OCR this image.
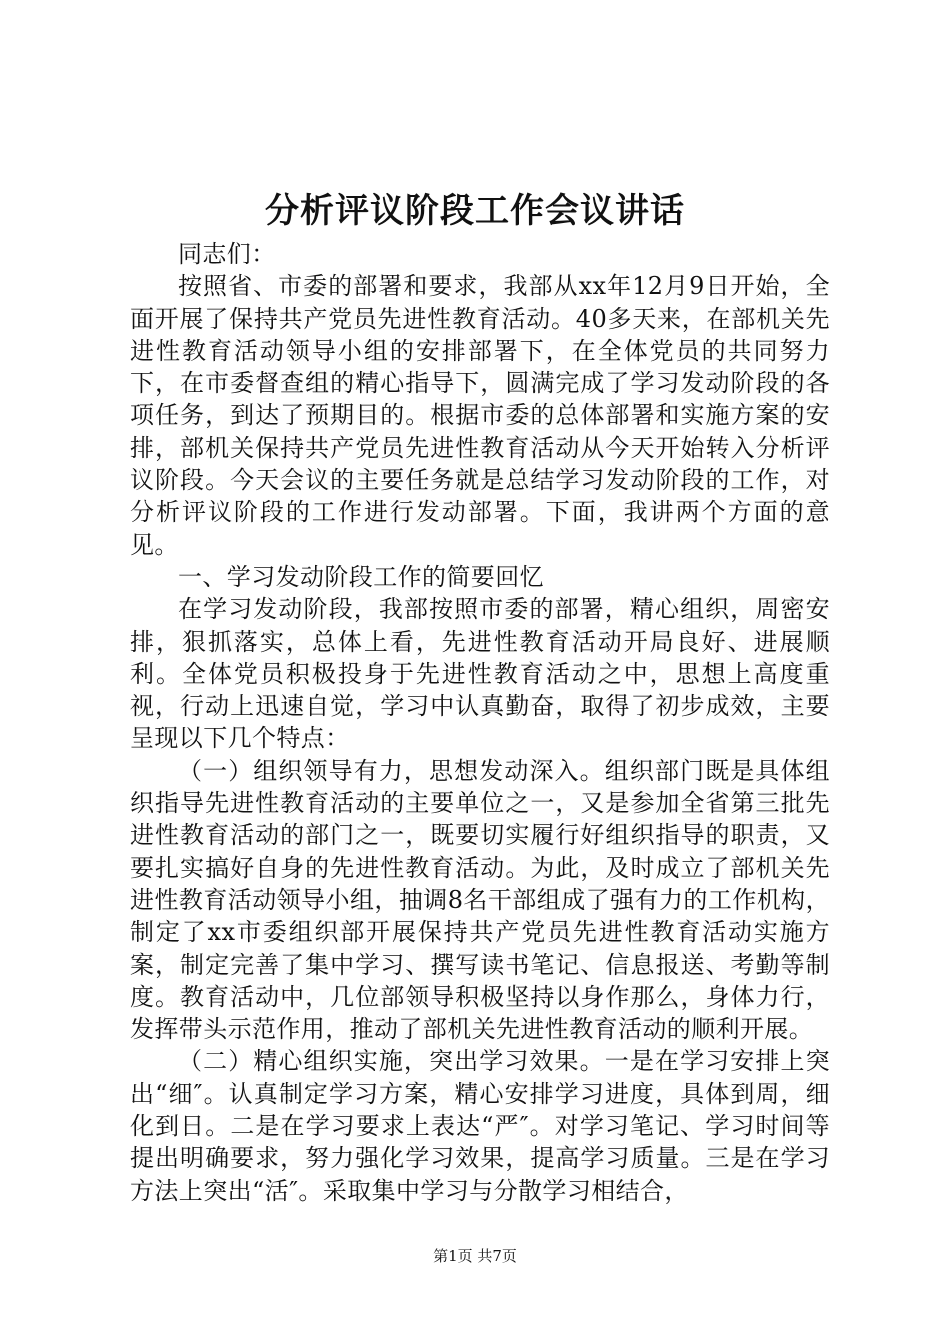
分析评议阶段工作会议讲话

同志们：

按照省、市委的部署和要求，我部从xx年12月9日开始，全面开展了保持共产党员先进性教育活动。40多天来，在部机关先进性教育活动领导小组的安排部署下，在全体党员的共同努力下，在市委督查组的精心指导下，圆满完成了学习发动阶段的各项任务，到达了预期目的。根据市委的总体部署和实施方案的安排，部机关保持共产党员先进性教育活动从今天开始转入分析评议阶段。今天会议的主要任务就是总结学习发动阶段的工作，对分析评议阶段的工作进行发动部署。下面，我讲两个方面的意见。

一、学习发动阶段工作的简要回忆

在学习发动阶段，我部按照市委的部署，精心组织，周密安排，狠抓落实，总体上看，先进性教育活动开局良好、进展顺利。全体党员积极投身于先进性教育活动之中，思想上高度重视，行动上迅速自觉，学习中认真勤奋，取得了初步成效，主要呈现以下几个特点：

（一）组织领导有力，思想发动深入。组织部门既是具体组织指导先进性教育活动的主要单位之一，又是参加全省第三批先进性教育活动的部门之一，既要切实履行好组织指导的职责，又要扎实搞好自身的先进性教育活动。为此，及时成立了部机关先进性教育活动领导小组，抽调8名干部组成了强有力的工作机构，制定了xx市委组织部开展保持共产党员先进性教育活动实施方案，制定完善了集中学习、撰写读书笔记、信息报送、考勤等制度。教育活动中，几位部领导积极坚持以身作那么，身体力行，发挥带头示范作用，推动了部机关先进性教育活动的顺利开展。

（二）精心组织实施，突出学习效果。一是在学习安排上突出“细″。认真制定学习方案，精心安排学习进度，具体到周，细化到日。二是在学习要求上表达“严″。对学习笔记、学习时间等提出明确要求，努力强化学习效果，提高学习质量。三是在学习方法上突出“活″。采取集中学习与分散学习相结合，

第1页 共7页
